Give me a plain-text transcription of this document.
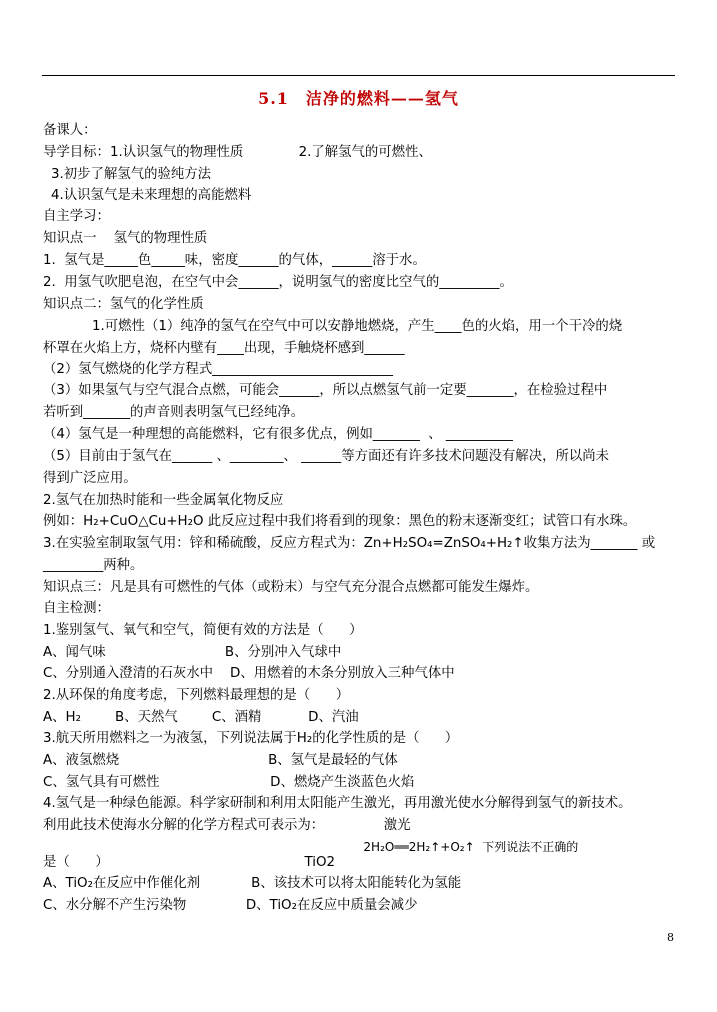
5.1　洁净的燃料——氢气
备课人：
导学目标：1.认识氢气的物理性质             2.了解氢气的可燃性、
3.初步了解氢气的验纯方法
4.认识氢气是未来理想的高能燃料
自主学习：
知识点一    氢气的物理性质
1.  氢气是_____色_____味，密度______的气体，______溶于水。
2.  用氢气吹肥皂泡，在空气中会______，说明氢气的密度比空气的_________。
知识点二：氢气的化学性质
1.可燃性（1）纯净的氢气在空气中可以安静地燃烧，产生____色的火焰，用一个干冷的烧
杯罩在火焰上方，烧杯内壁有____出现，手触烧杯感到______
（2）氢气燃烧的化学方程式___________________________
（3）如果氢气与空气混合点燃，可能会______，所以点燃氢气前一定要_______，在检验过程中
若听到_______的声音则表明氢气已经纯净。
（4）氢气是一种理想的高能燃料，它有很多优点，例如_______  、 __________
（5）目前由于氢气在______ 、________、 ______等方面还有许多技术问题没有解决，所以尚未
得到广泛应用。
2.氢气在加热时能和一些金属氧化物反应
例如：H₂+CuO△Cu+H₂O 此反应过程中我们将看到的现象：黑色的粉末逐渐变红；试管口有水珠。
3.在实验室制取氢气用：锌和稀硫酸，反应方程式为：Zn+H₂SO₄=ZnSO₄+H₂↑收集方法为_______ 或
_________两种。
知识点三：凡是具有可燃性的气体（或粉末）与空气充分混合点燃都可能发生爆炸。
自主检测：
1.鉴别氢气、氧气和空气，简便有效的方法是（      ）
A、闻气味                            B、分别冲入气球中
C、分别通入澄清的石灰水中    D、用燃着的木条分别放入三种气体中
2.从环保的角度考虑，下列燃料最理想的是（      ）
A、H₂        B、天然气        C、酒精           D、汽油
3.航天所用燃料之一为液氢，下列说法属于H₂的化学性质的是（      ）
A、液氢燃烧                                   B、氢气是最轻的气体
C、氢气具有可燃性                          D、燃烧产生淡蓝色火焰
4.氢气是一种绿色能源。科学家研制和利用太阳能产生激光，再用激光使水分解得到氢气的新技术。
利用此技术使海水分解的化学方程式可表示为：              激光
2H₂O══2H₂↑+O₂↑  下列说法不正确的
是（      ）                                              TiO2
A、TiO₂在反应中作催化剂            B、该技术可以将太阳能转化为氢能
C、水分解不产生污染物              D、TiO₂在反应中质量会减少
8
